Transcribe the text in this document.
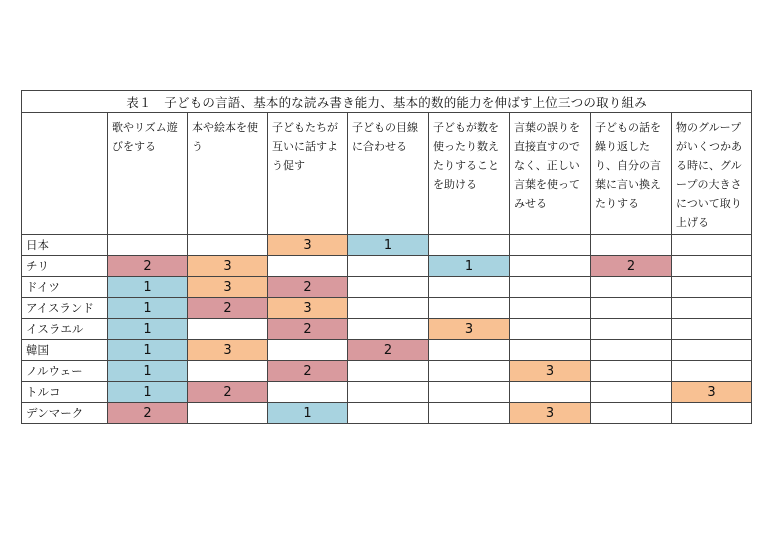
表１　子どもの言語、基本的な読み書き能力、基本的数的能力を伸ばす上位三つの取り組み								
	歌やリズム遊びをする	本や絵本を使う	子どもたちが互いに話すよう促す	子どもの目線に合わせる	子どもが数を使ったり数えたりすることを助ける	言葉の誤りを直接直すのでなく、正しい言葉を使ってみせる	子どもの話を繰り返したり、自分の言葉に言い換えたりする	物のグループがいくつかある時に、グループの大きさについて取り上げる
日本			3	1				
チリ	2	3			1		2	
ドイツ	1	3	2					
アイスランド	1	2	3					
イスラエル	1		2		3			
韓国	1	3		2				
ノルウェー	1		2			3		
トルコ	1	2						3
デンマーク	2		1			3		
